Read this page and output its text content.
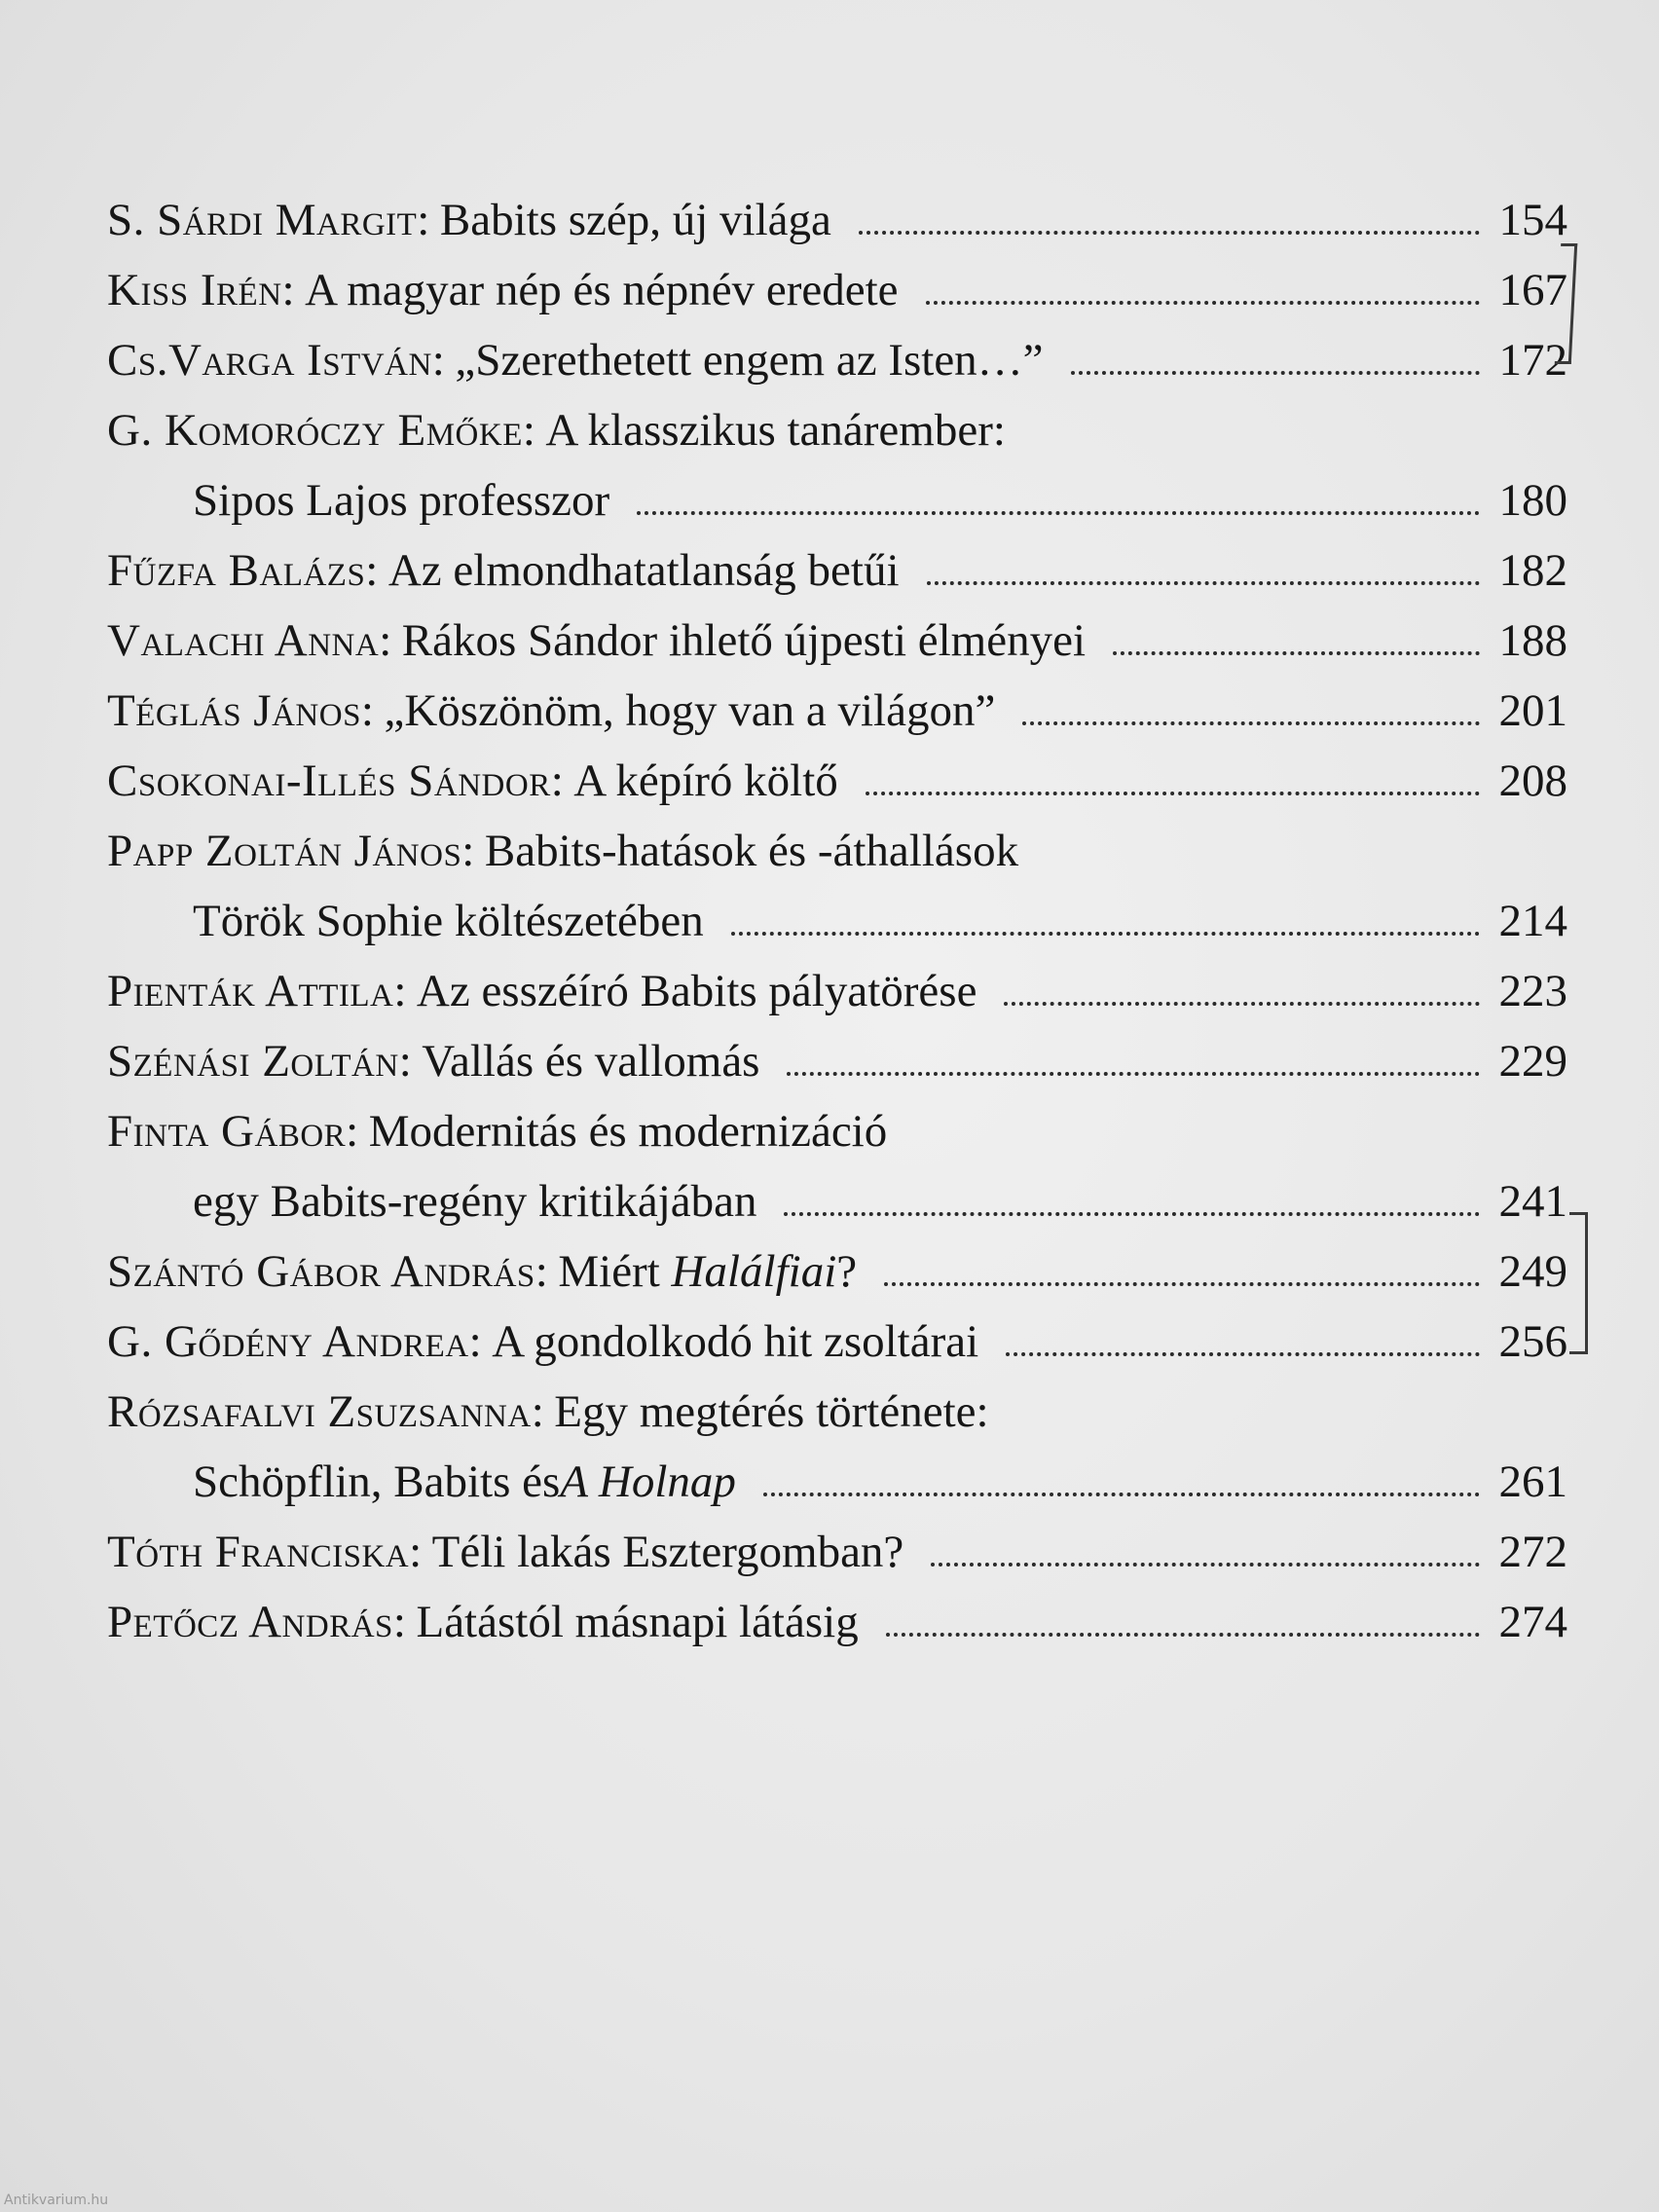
S. Sárdi Margit: Babits szép, új világa	154
Kiss Irén: A magyar nép és népnév eredete	167
Cs.Varga István: „Szerethetett engem az Isten…”	172
G. Komoróczy Emőke: A klasszikus tanárember:
Sipos Lajos professzor	180
Fűzfa Balázs: Az elmondhatatlanság betűi	182
Valachi Anna: Rákos Sándor ihlető újpesti élményei	188
Téglás János: „Köszönöm, hogy van a világon”	201
Csokonai-Illés Sándor: A képíró költő	208
Papp Zoltán János: Babits-hatások és -áthallások
Török Sophie költészetében	214
Pienták Attila: Az esszéíró Babits pályatörése	223
Szénási Zoltán: Vallás és vallomás	229
Finta Gábor: Modernitás és modernizáció
egy Babits-regény kritikájában	241
Szántó Gábor András: Miért Halálfiai?	249
G. Gődény Andrea: A gondolkodó hit zsoltárai	256
Rózsafalvi Zsuzsanna: Egy megtérés története:
Schöpflin, Babits és A Holnap	261
Tóth Franciska: Téli lakás Esztergomban?	272
Petőcz András: Látástól másnapi látásig	274
Antikvarium.hu
